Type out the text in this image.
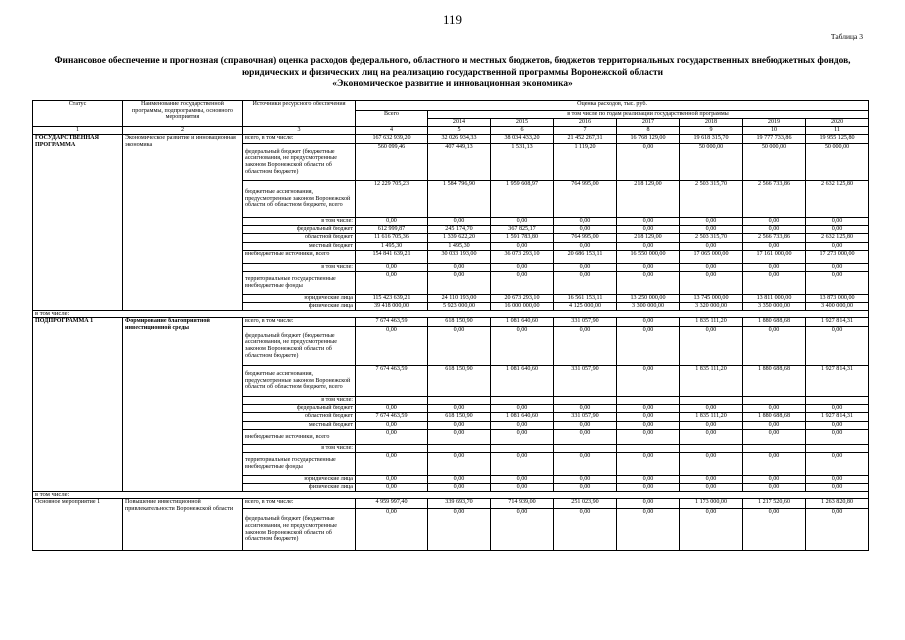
119
Таблица 3
Финансовое обеспечение и прогнозная (справочная) оценка расходов федерального, областного и местных бюджетов, бюджетов территориальных государственных внебюджетных фондов,
юридических и физических лиц на реализацию государственной программы Воронежской области
«Экономическое развитие и инновационная экономика»
Статус	Наименование государственной программы, подпрограммы, основного мероприятия	Источники ресурсного обеспечения	Оценка расходов, тыс. руб.							
			Всего	в том числе по годам реализации государственной программы						
				2014	2015	2016	2017	2018	2019	2020
1	2	3	4	5	6	7	8	9	10	11
ГОСУДАРСТВЕННАЯ ПРОГРАММА	Экономическое развитие и инновационная экономика	всего, в том числе:	167 632 939,20	32 026 934,33	38 034 433,20	21 452 267,31	16 768 129,00	19 618 315,70	19 777 733,86	19 955 125,80
		федеральный бюджет (бюджетные ассигнования, не предусмотренные законом Воронежской области об областном бюджете)	560 099,46	407 449,13	1 531,13	1 119,20	0,00	50 000,00	50 000,00	50 000,00
		бюджетные ассигнования, предусмотренные законом Воронежской области об областном бюджете, всего	12 229 705,23	1 584 796,90	1 959 608,97	764 995,00	218 129,00	2 503 315,70	2 566 733,86	2 632 125,80
		в том числе:	0,00	0,00	0,00	0,00	0,00	0,00	0,00	0,00
		федеральный бюджет	612 999,87	245 174,70	367 825,17	0,00	0,00	0,00	0,00	0,00
		областной бюджет	11 616 705,36	1 339 622,20	1 591 783,80	764 995,00	218 129,00	2 503 315,70	2 566 733,86	2 632 125,80
		местный бюджет	1 495,30	1 495,30	0,00	0,00	0,00	0,00	0,00	0,00
		внебюджетные источники, всего	154 841 639,21	30 033 193,00	36 073 293,10	20 686 153,11	16 550 000,00	17 065 000,00	17 161 000,00	17 273 000,00
		в том числе:	0,00	0,00	0,00	0,00	0,00	0,00	0,00	0,00
		территориальные государственные внебюджетные фонды	0,00	0,00	0,00	0,00	0,00	0,00	0,00	0,00
		юридические лица	115 423 639,21	24 110 193,00	20 673 293,10	16 561 153,11	13 250 000,00	13 745 000,00	13 811 000,00	13 873 000,00
		физические лица	39 418 000,00	5 923 000,00	16 000 000,00	4 125 000,00	3 300 000,00	3 320 000,00	3 350 000,00	3 400 000,00
в том числе:										
ПОДПРОГРАММА 1	Формирование благоприятной инвестиционной среды	всего, в том числе:	7 674 463,59	618 150,90	1 081 640,60	331 057,90	0,00	1 835 111,20	1 880 688,68	1 927 814,31
		федеральный бюджет (бюджетные ассигнования, не предусмотренные законом Воронежской области об областном бюджете)	0,00	0,00	0,00	0,00	0,00	0,00	0,00	0,00
		бюджетные ассигнования, предусмотренные законом Воронежской области об областном бюджете, всего	7 674 463,59	618 150,90	1 081 640,60	331 057,90	0,00	1 835 111,20	1 880 688,68	1 927 814,31
		в том числе:								
		федеральный бюджет	0,00	0,00	0,00	0,00	0,00	0,00	0,00	0,00
		областной бюджет	7 674 463,59	618 150,90	1 081 640,60	331 057,90	0,00	1 835 111,20	1 880 688,68	1 927 814,31
		местный бюджет	0,00	0,00	0,00	0,00	0,00	0,00	0,00	0,00
		внебюджетные источники, всего	0,00	0,00	0,00	0,00	0,00	0,00	0,00	0,00
		в том числе:								
		территориальные государственные внебюджетные фонды	0,00	0,00	0,00	0,00	0,00	0,00	0,00	0,00
		юридические лица	0,00	0,00	0,00	0,00	0,00	0,00	0,00	0,00
		физические лица	0,00	0,00	0,00	0,00	0,00	0,00	0,00	0,00
в том числе:										
Основное мероприятие 1	Повышение инвестиционной привлекательности Воронежской области	всего, в том числе:	4 959 997,40	339 693,70	714 939,00	251 023,90	0,00	1 173 000,00	1 217 520,60	1 263 820,80
		федеральный бюджет (бюджетные ассигнования, не предусмотренные законом Воронежской области об областном бюджете)	0,00	0,00	0,00	0,00	0,00	0,00	0,00	0,00
